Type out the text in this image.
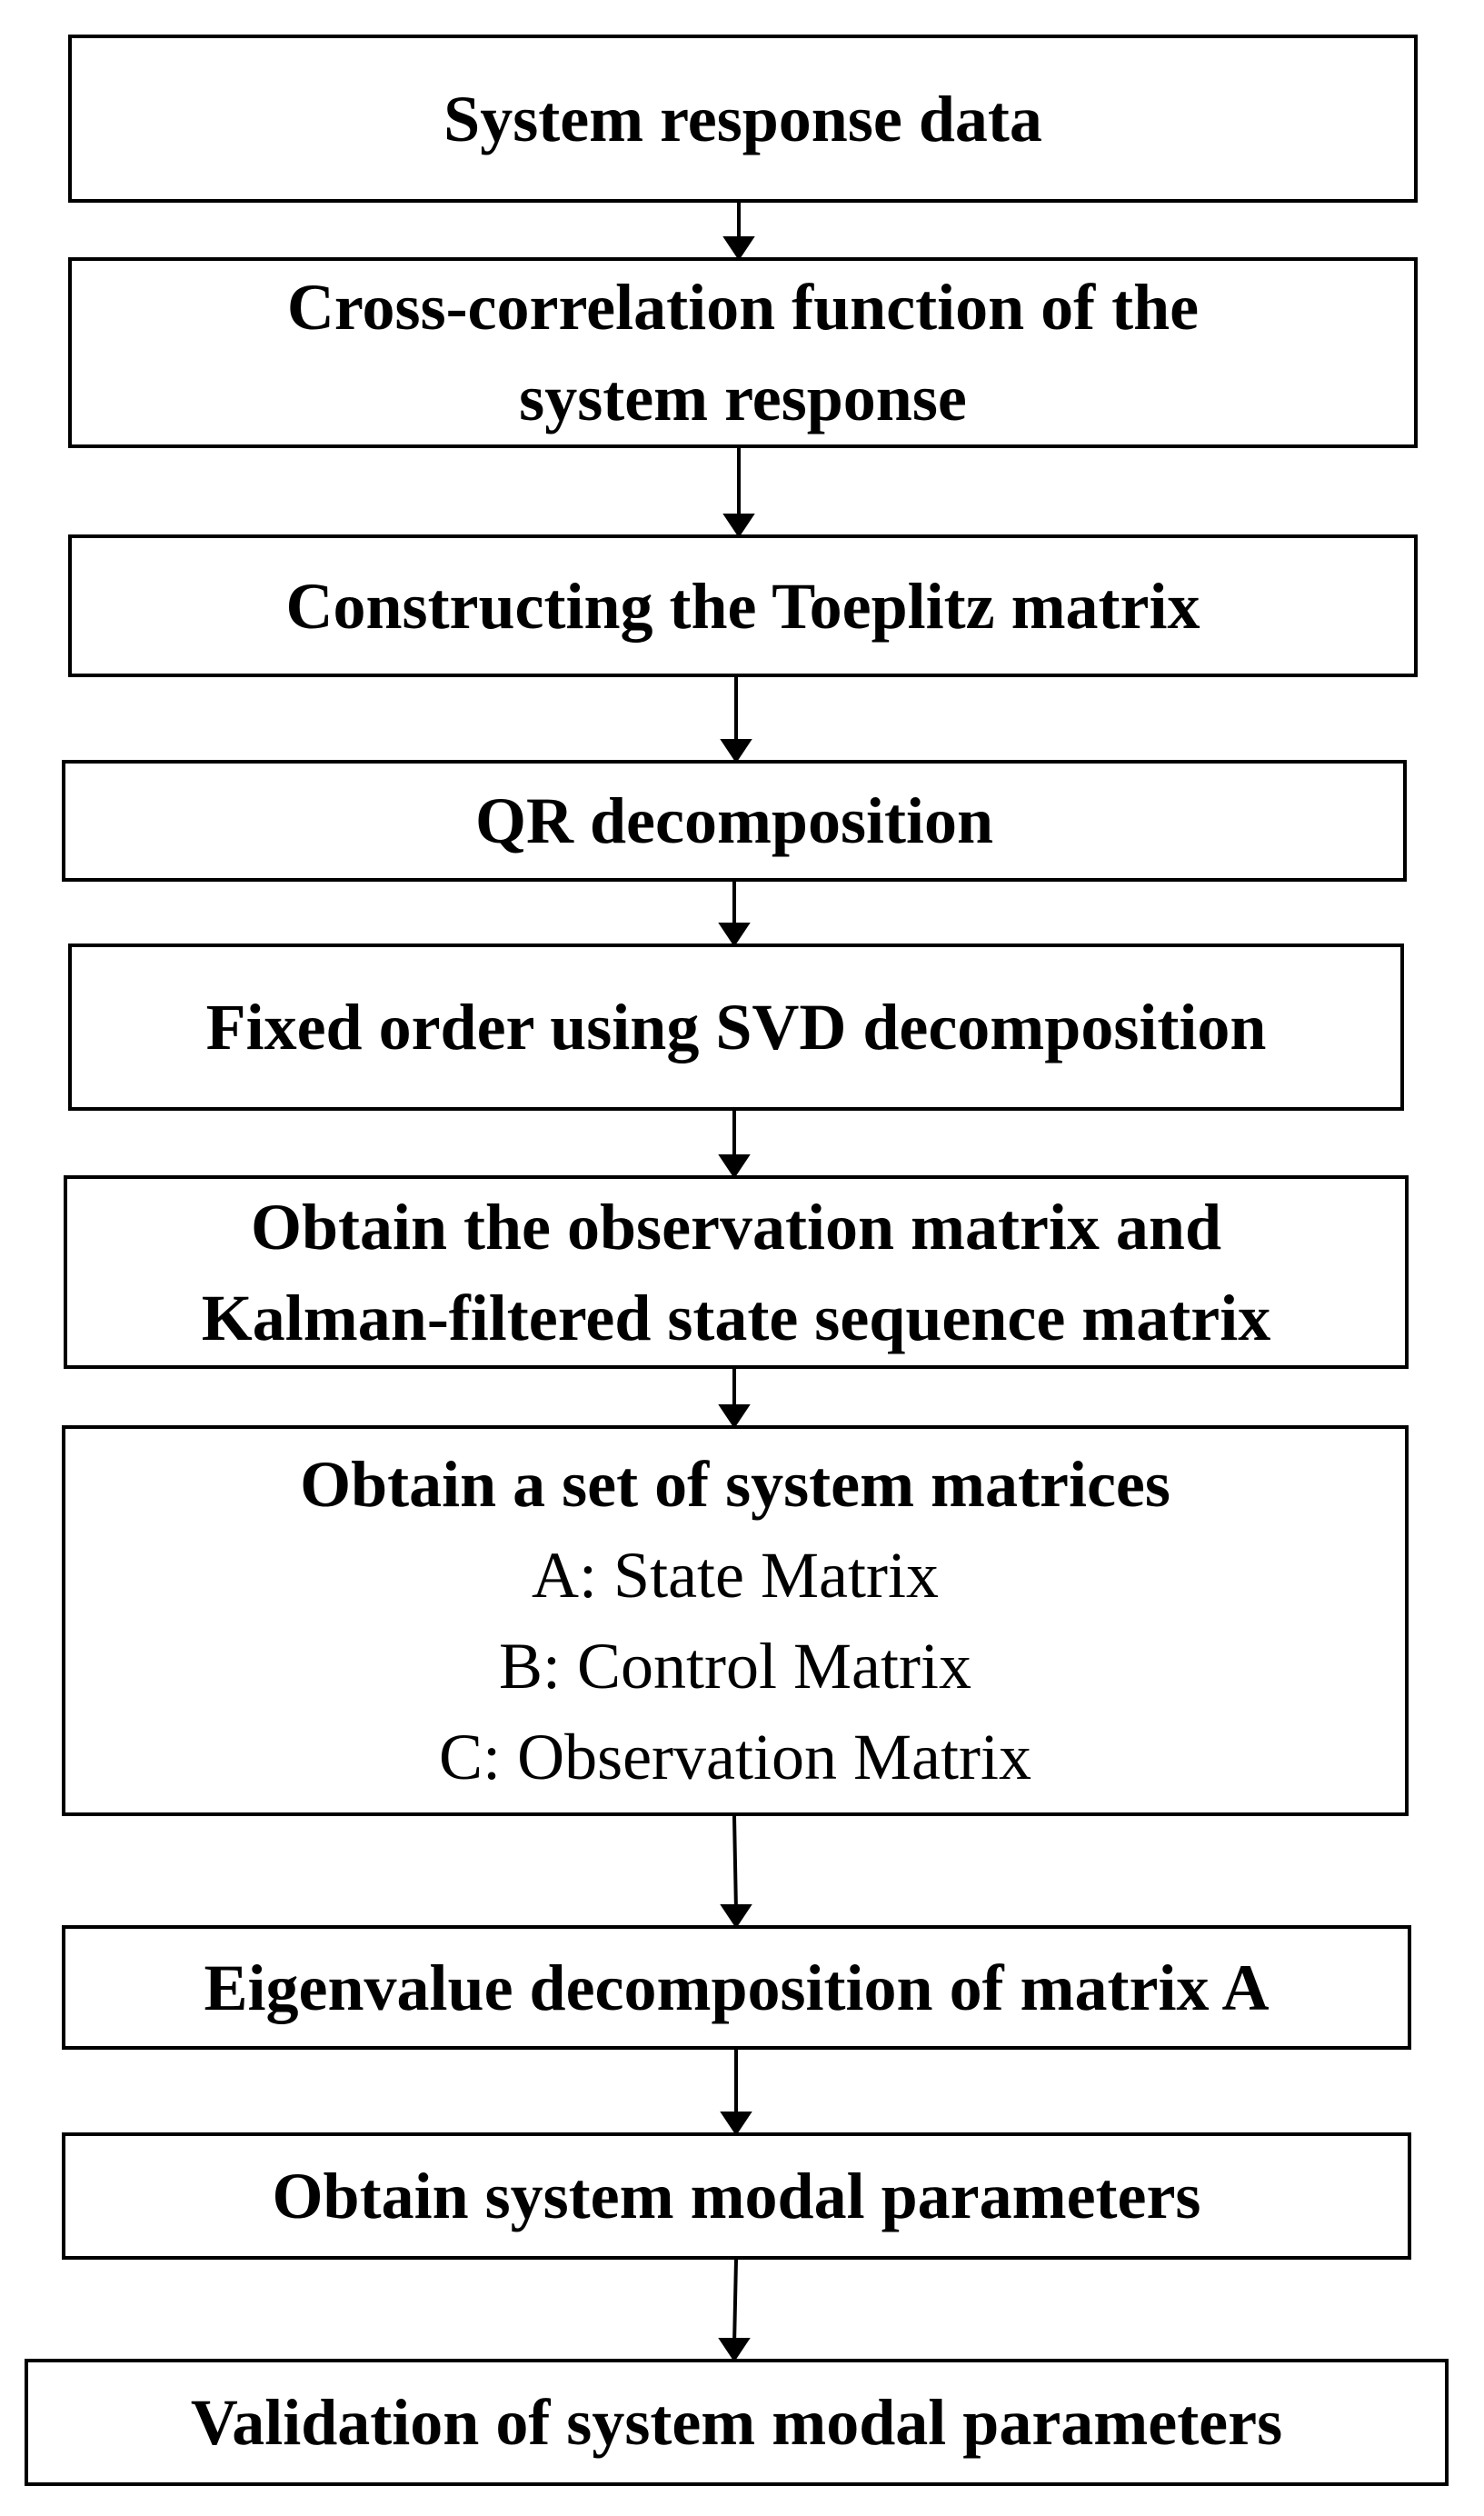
System response data
Cross-correlation function of the
system response
Constructing the Toeplitz matrix
QR decomposition
Fixed order using SVD decomposition
Obtain the observation matrix and
Kalman-filtered state sequence matrix
Obtain a set of system matrices
A: State Matrix
B: Control Matrix
C: Observation Matrix
Eigenvalue decomposition of matrix A
Obtain system modal parameters
Validation of system modal parameters
